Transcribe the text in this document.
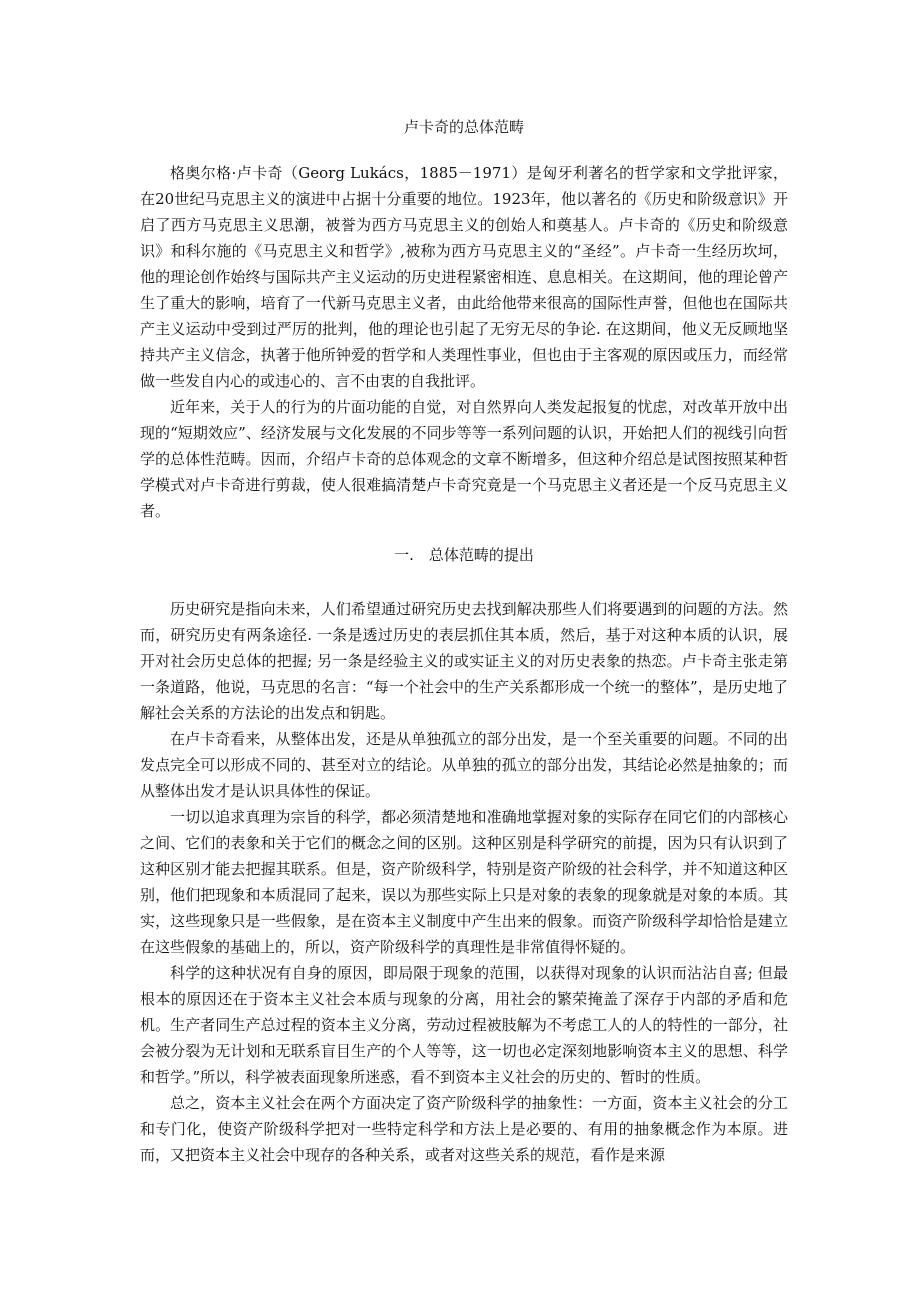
卢卡奇的总体范畴

格奥尔格·卢卡奇（Georg Lukács，1885－1971）是匈牙利著名的哲学家和文学批评家，在20世纪马克思主义的演进中占据十分重要的地位。1923年，他以著名的《历史和阶级意识》开启了西方马克思主义思潮，被誉为西方马克思主义的创始人和奠基人。卢卡奇的《历史和阶级意识》和科尔施的《马克思主义和哲学》,被称为西方马克思主义的“圣经”。卢卡奇一生经历坎坷，他的理论创作始终与国际共产主义运动的历史进程紧密相连、息息相关。在这期间，他的理论曾产生了重大的影响，培育了一代新马克思主义者，由此给他带来很高的国际性声誉，但他也在国际共产主义运动中受到过严厉的批判，他的理论也引起了无穷无尽的争论. 在这期间，他义无反顾地坚持共产主义信念，执著于他所钟爱的哲学和人类理性事业，但也由于主客观的原因或压力，而经常做一些发自内心的或违心的、言不由衷的自我批评。

近年来，关于人的行为的片面功能的自觉，对自然界向人类发起报复的忧虑，对改革开放中出现的“短期效应”、经济发展与文化发展的不同步等等一系列问题的认识，开始把人们的视线引向哲学的总体性范畴。因而，介绍卢卡奇的总体观念的文章不断增多，但这种介绍总是试图按照某种哲学模式对卢卡奇进行剪裁，使人很难搞清楚卢卡奇究竟是一个马克思主义者还是一个反马克思主义者。

一.　总体范畴的提出

历史研究是指向未来，人们希望通过研究历史去找到解决那些人们将要遇到的问题的方法。然而，研究历史有两条途径. 一条是透过历史的表层抓住其本质，然后，基于对这种本质的认识，展开对社会历史总体的把握; 另一条是经验主义的或实证主义的对历史表象的热恋。卢卡奇主张走第一条道路，他说，马克思的名言：“每一个社会中的生产关系都形成一个统一的整体”，是历史地了解社会关系的方法论的出发点和钥匙。

在卢卡奇看来，从整体出发，还是从单独孤立的部分出发，是一个至关重要的问题。不同的出发点完全可以形成不同的、甚至对立的结论。从单独的孤立的部分出发，其结论必然是抽象的；而从整体出发才是认识具体性的保证。

一切以追求真理为宗旨的科学，都必须清楚地和准确地掌握对象的实际存在同它们的内部核心之间、它们的表象和关于它们的概念之间的区别。这种区别是科学研究的前提，因为只有认识到了这种区别才能去把握其联系。但是，资产阶级科学，特别是资产阶级的社会科学，并不知道这种区别，他们把现象和本质混同了起来，误以为那些实际上只是对象的表象的现象就是对象的本质。其实，这些现象只是一些假象，是在资本主义制度中产生出来的假象。而资产阶级科学却恰恰是建立在这些假象的基础上的，所以，资产阶级科学的真理性是非常值得怀疑的。

科学的这种状况有自身的原因，即局限于现象的范围，以获得对现象的认识而沾沾自喜; 但最根本的原因还在于资本主义社会本质与现象的分离，用社会的繁荣掩盖了深存于内部的矛盾和危机。生产者同生产总过程的资本主义分离，劳动过程被肢解为不考虑工人的人的特性的一部分，社会被分裂为无计划和无联系盲目生产的个人等等，这一切也必定深刻地影响资本主义的思想、科学和哲学。”所以，科学被表面现象所迷惑，看不到资本主义社会的历史的、暂时的性质。

总之，资本主义社会在两个方面决定了资产阶级科学的抽象性：一方面，资本主义社会的分工和专门化，使资产阶级科学把对一些特定科学和方法上是必要的、有用的抽象概念作为本原。进而，又把资本主义社会中现存的各种关系，或者对这些关系的规范，看作是来源
